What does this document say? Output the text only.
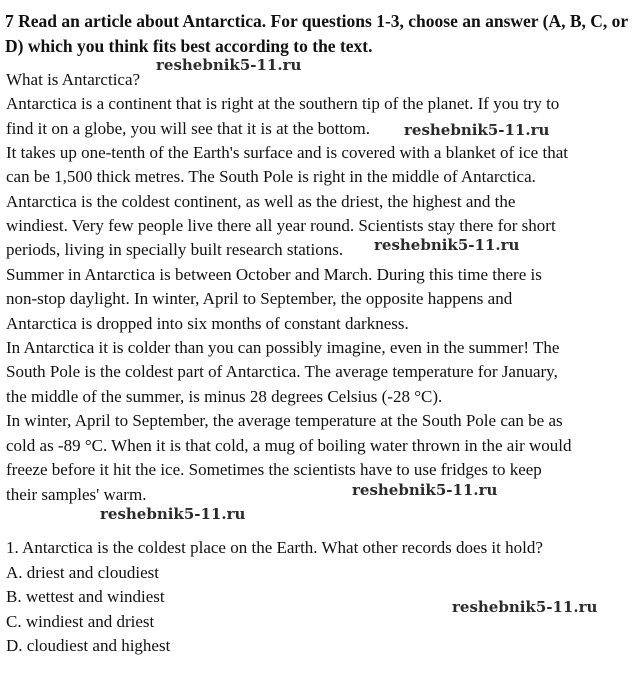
7 Read an article about Antarctica. For questions 1-3, choose an answer (A, B, C, or D) which you think fits best according to the text.
What is Antarctica?
Antarctica is a continent that is right at the southern tip of the planet. If you try to
find it on a globe, you will see that it is at the bottom.
It takes up one-tenth of the Earth's surface and is covered with a blanket of ice that
can be 1,500 thick metres. The South Pole is right in the middle of Antarctica.
Antarctica is the coldest continent, as well as the driest, the highest and the
windiest. Very few people live there all year round. Scientists stay there for short
periods, living in specially built research stations.
Summer in Antarctica is between October and March. During this time there is
non-stop daylight. In winter, April to September, the opposite happens and
Antarctica is dropped into six months of constant darkness.
In Antarctica it is colder than you can possibly imagine, even in the summer! The
South Pole is the coldest part of Antarctica. The average temperature for January,
the middle of the summer, is minus 28 degrees Celsius (-28 °C).
In winter, April to September, the average temperature at the South Pole can be as
cold as -89 °C. When it is that cold, a mug of boiling water thrown in the air would
freeze before it hit the ice. Sometimes the scientists have to use fridges to keep
their samples' warm.
1. Antarctica is the coldest place on the Earth. What other records does it hold?
A. driest and cloudiest
B. wettest and windiest
C. windiest and driest
D. cloudiest and highest
reshebnik5-11.ru
reshebnik5-11.ru
reshebnik5-11.ru
reshebnik5-11.ru
reshebnik5-11.ru
reshebnik5-11.ru
